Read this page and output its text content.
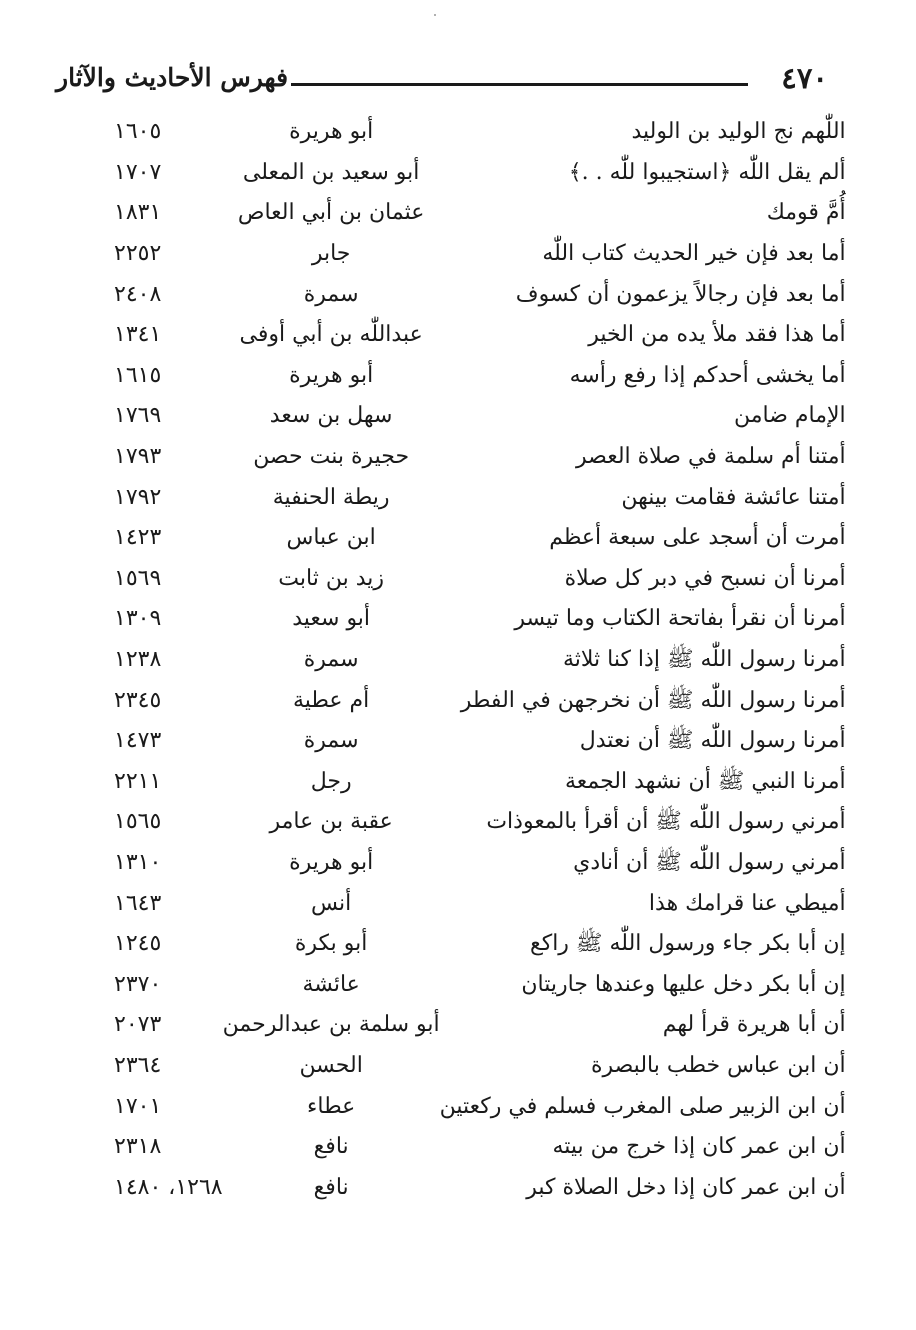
٤٧٠
فهرس الأحاديث والآثار
اللّٰهم نج الوليد بن الوليد	أبو هريرة	١٦٠٥
ألم يقل اللّٰه ﴿استجيبوا للّٰه . .﴾	أبو سعيد بن المعلى	١٧٠٧
أُمَّ قومك	عثمان بن أبي العاص	١٨٣١
أما بعد فإن خير الحديث كتاب اللّٰه	جابر	٢٢٥٢
أما بعد فإن رجالاً يزعمون أن كسوف	سمرة	٢٤٠٨
أما هذا فقد ملأ يده من الخير	عبداللّٰه بن أبي أوفى	١٣٤١
أما يخشى أحدكم إذا رفع رأسه	أبو هريرة	١٦١٥
الإمام ضامن	سهل بن سعد	١٧٦٩
أمتنا أم سلمة في صلاة العصر	حجيرة بنت حصن	١٧٩٣
أمتنا عائشة فقامت بينهن	ريطة الحنفية	١٧٩٢
أمرت أن أسجد على سبعة أعظم	ابن عباس	١٤٢٣
أمرنا أن نسبح في دبر كل صلاة	زيد بن ثابت	١٥٦٩
أمرنا أن نقرأ بفاتحة الكتاب وما تيسر	أبو سعيد	١٣٠٩
أمرنا رسول اللّٰه ﷺ إذا كنا ثلاثة	سمرة	١٢٣٨
أمرنا رسول اللّٰه ﷺ أن نخرجهن في الفطر	أم عطية	٢٣٤٥
أمرنا رسول اللّٰه ﷺ أن نعتدل	سمرة	١٤٧٣
أمرنا النبي ﷺ أن نشهد الجمعة	رجل	٢٢١١
أمرني رسول اللّٰه ﷺ أن أقرأ بالمعوذات	عقبة بن عامر	١٥٦٥
أمرني رسول اللّٰه ﷺ أن أنادي	أبو هريرة	١٣١٠
أميطي عنا قرامك هذا	أنس	١٦٤٣
إن أبا بكر جاء ورسول اللّٰه ﷺ راكع	أبو بكرة	١٢٤٥
إن أبا بكر دخل عليها وعندها جاريتان	عائشة	٢٣٧٠
أن أبا هريرة قرأ لهم	أبو سلمة بن عبدالرحمن	٢٠٧٣
أن ابن عباس خطب بالبصرة	الحسن	٢٣٦٤
أن ابن الزبير صلى المغرب فسلم في ركعتين	عطاء	١٧٠١
أن ابن عمر كان إذا خرج من بيته	نافع	٢٣١٨
أن ابن عمر كان إذا دخل الصلاة كبر	نافع	١٢٦٨، ١٤٨٠
